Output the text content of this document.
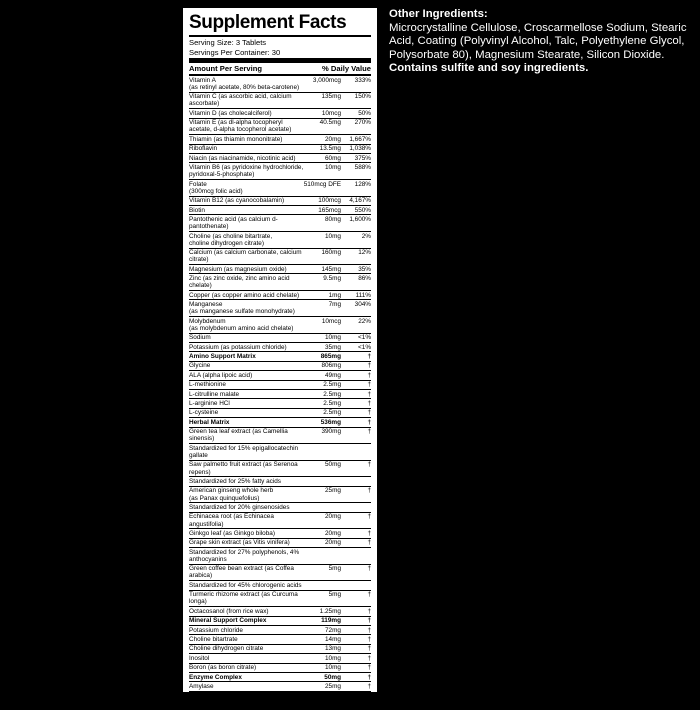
Supplement Facts
Serving Size: 3 Tablets
Servings Per Container: 30
Amount Per Serving	% Daily Value
Vitamin A
(as retinyl acetate, 80% beta-carotene)	3,000mcg	333%
Vitamin C (as ascorbic acid, calcium ascorbate)	135mg	150%
Vitamin D (as cholecalciferol)	10mcg	50%
Vitamin E (as dl-alpha tocopheryl
acetate, d-alpha tocopherol acetate)	40.5mg	270%
Thiamin (as thiamin mononitrate)	20mg	1,667%
Riboflavin	13.5mg	1,038%
Niacin (as niacinamide, nicotinic acid)	60mg	375%
Vitamin B6 (as pyridoxine hydrochloride,
pyridoxal-5-phosphate)	10mg	588%
Folate
(300mcg folic acid)	510mcg DFE	128%
Vitamin B12 (as cyanocobalamin)	100mcg	4,167%
Biotin	165mcg	550%
Pantothenic acid (as calcium d-pantothenate)	80mg	1,600%
Choline (as choline bitartrate,
choline dihydrogen citrate)	10mg	2%
Calcium (as calcium carbonate, calcium citrate)	160mg	12%
Magnesium (as magnesium oxide)	145mg	35%
Zinc (as zinc oxide, zinc amino acid chelate)	9.5mg	86%
Copper (as copper amino acid chelate)	1mg	111%
Manganese
(as manganese sulfate monohydrate)	7mg	304%
Molybdenum
(as molybdenum amino acid chelate)	10mcg	22%
Sodium	10mg	<1%
Potassium (as potassium chloride)	35mg	<1%
Amino Support Matrix	865mg	†
Glycine	806mg	†
ALA (alpha lipoic acid)	49mg	†
L-methionine	2.5mg	†
L-citrulline malate	2.5mg	†
L-arginine HCl	2.5mg	†
L-cysteine	2.5mg	†
Herbal Matrix	536mg	†
Green tea leaf extract (as Camellia sinensis)	390mg	†
Standardized for 15% epigallocatechin gallate		
Saw palmetto fruit extract (as Serenoa repens)	50mg	†
Standardized for 25% fatty acids		
American ginseng whole herb
(as Panax quinquefolius)	25mg	†
Standardized for 20% ginsenosides		
Echinacea root (as Echinacea angustifolia)	20mg	†
Ginkgo leaf (as Ginkgo biloba)	20mg	†
Grape skin extract (as Vitis vinifera)	20mg	†
Standardized for 27% polyphenols, 4% anthocyanins		
Green coffee bean extract (as Coffea arabica)	5mg	†
Standardized for 45% chlorogenic acids		
Turmeric rhizome extract (as Curcuma longa)	5mg	†
Octacosanol (from rice wax)	1.25mg	†
Mineral Support Complex	119mg	†
Potassium chloride	72mg	†
Choline bitartrate	14mg	†
Choline dihydrogen citrate	13mg	†
Inositol	10mg	†
Boron (as boron citrate)	10mg	†
Enzyme Complex	50mg	†
Amylase	25mg	†
Papain	25mg	†
† Daily Value not established.
Other Ingredients:
Microcrystalline Cellulose, Croscarmellose Sodium, Stearic Acid, Coating (Polyvinyl Alcohol, Talc, Polyethylene Glycol, Polysorbate 80), Magnesium Stearate, Silicon Dioxide. Contains sulfite and soy ingredients.
